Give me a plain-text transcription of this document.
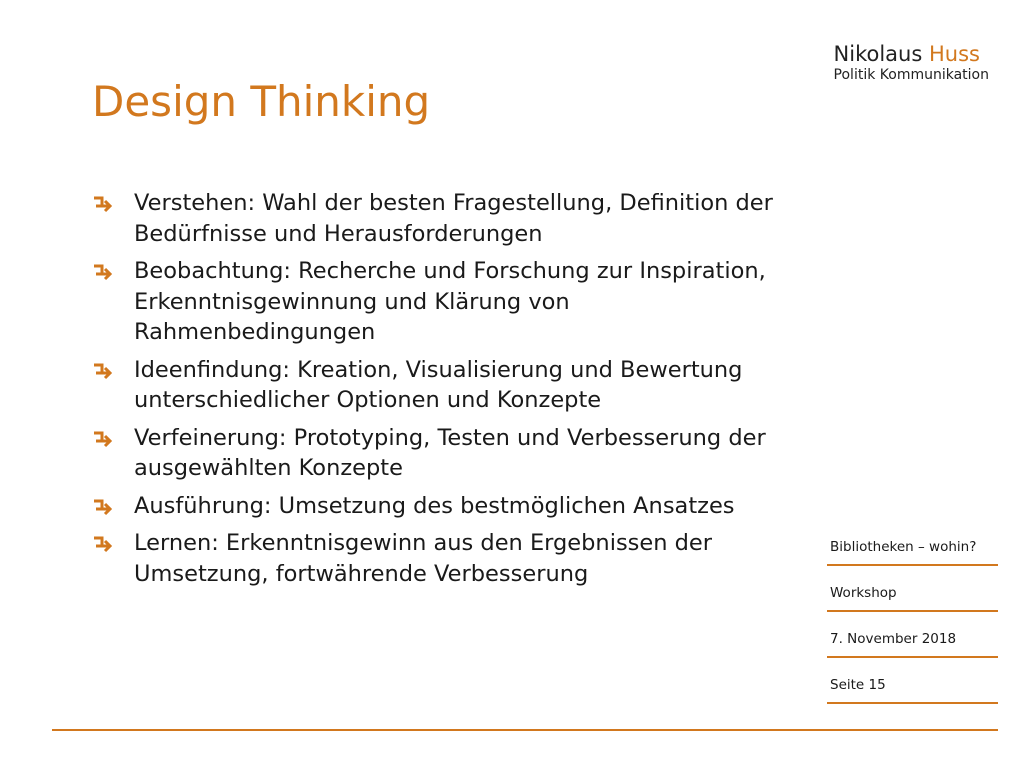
Nikolaus Huss
Politik Kommunikation
Design Thinking
Verstehen: Wahl der besten Fragestellung, Definition der Bedürfnisse und Herausforderungen
Beobachtung: Recherche und Forschung zur Inspiration, Erkenntnisgewinnung und Klärung von Rahmenbedingungen
Ideenfindung: Kreation, Visualisierung und Bewertung unterschiedlicher Optionen und Konzepte
Verfeinerung: Prototyping, Testen und Verbesserung der ausgewählten Konzepte
Ausführung: Umsetzung des bestmöglichen Ansatzes
Lernen: Erkenntnisgewinn aus den Ergebnissen der Umsetzung, fortwährende Verbesserung
Bibliotheken – wohin?
Workshop
7. November 2018
Seite 15
